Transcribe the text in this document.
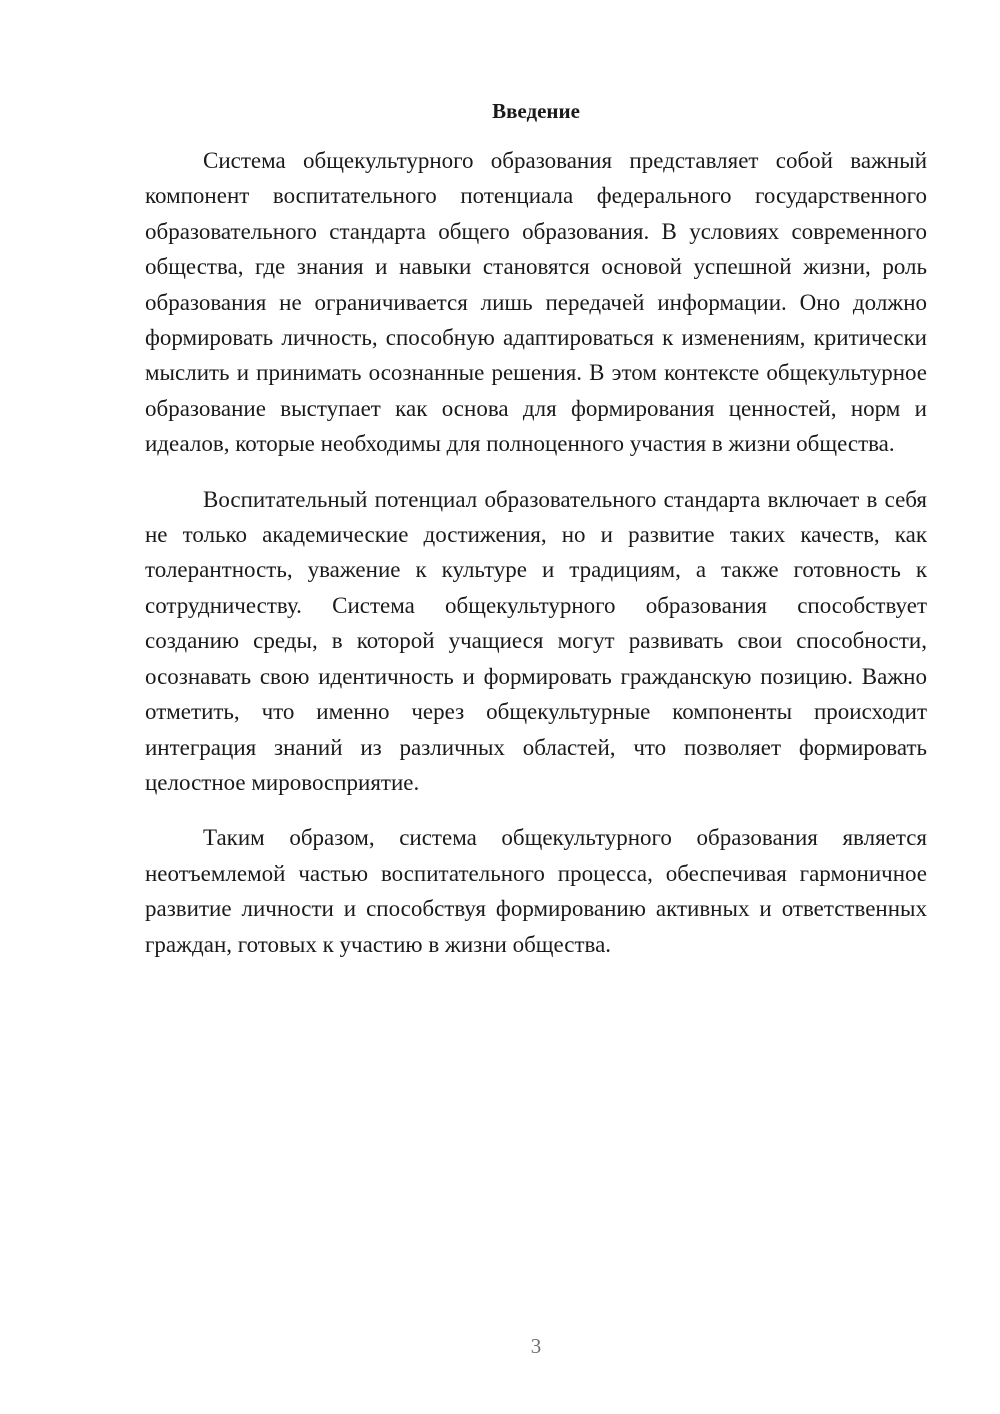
Введение

Система общекультурного образования представляет собой важный компонент воспитательного потенциала федерального государственного образовательного стандарта общего образования. В условиях современного общества, где знания и навыки становятся основой успешной жизни, роль образования не ограничивается лишь передачей информации. Оно должно формировать личность, способную адаптироваться к изменениям, критически мыслить и принимать осознанные решения. В этом контексте общекультурное образование выступает как основа для формирования ценностей, норм и идеалов, которые необходимы для полноценного участия в жизни общества.

Воспитательный потенциал образовательного стандарта включает в себя не только академические достижения, но и развитие таких качеств, как толерантность, уважение к культуре и традициям, а также готовность к сотрудничеству. Система общекультурного образования способствует созданию среды, в которой учащиеся могут развивать свои способности, осознавать свою идентичность и формировать гражданскую позицию. Важно отметить, что именно через общекультурные компоненты происходит интеграция знаний из различных областей, что позволяет формировать целостное мировосприятие.

Таким образом, система общекультурного образования является неотъемлемой частью воспитательного процесса, обеспечивая гармоничное развитие личности и способствуя формированию активных и ответственных граждан, готовых к участию в жизни общества.

3
